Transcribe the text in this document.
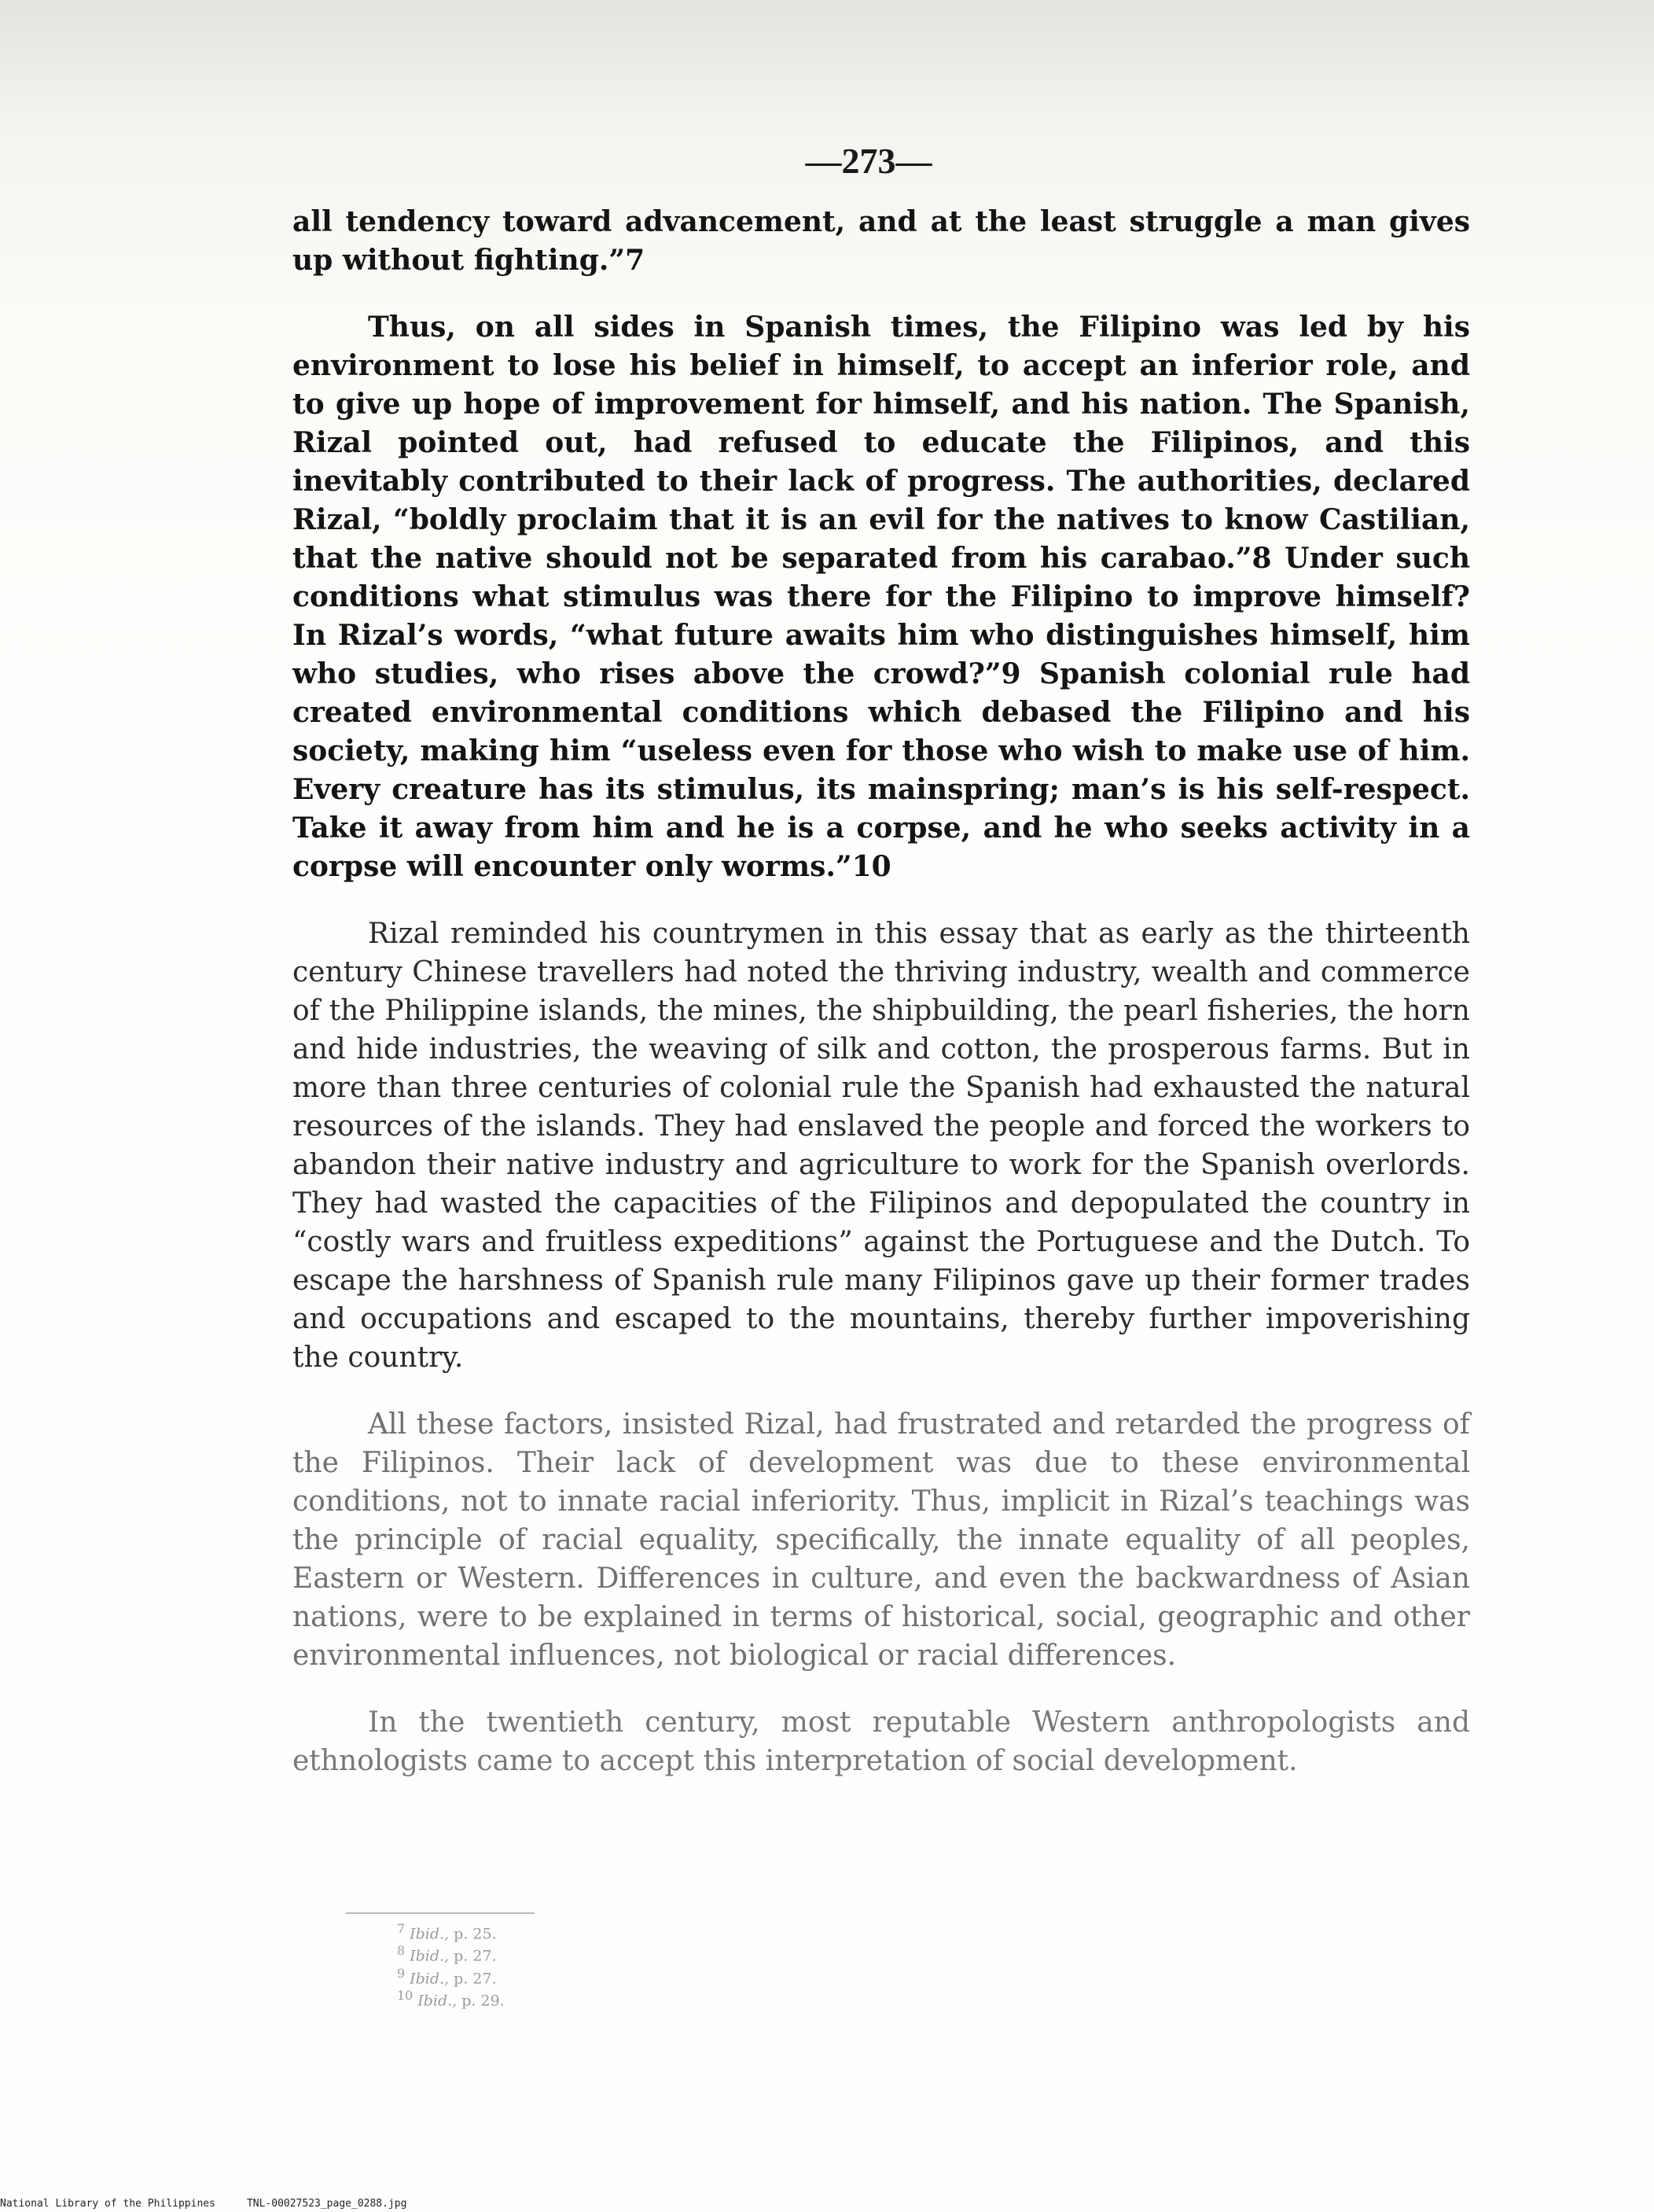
—273—

all tendency toward advancement, and at the least struggle a man gives up without fighting.”7

Thus, on all sides in Spanish times, the Filipino was led by his environment to lose his belief in himself, to accept an inferior role, and to give up hope of improvement for himself, and his nation. The Spanish, Rizal pointed out, had refused to educate the Filipinos, and this inevitably contributed to their lack of progress. The authorities, declared Rizal, “boldly proclaim that it is an evil for the natives to know Castilian, that the native should not be separated from his carabao.”8 Under such conditions what stimulus was there for the Filipino to improve himself? In Rizal’s words, “what future awaits him who distinguishes himself, him who studies, who rises above the crowd?”9 Spanish colonial rule had created environmental conditions which debased the Filipino and his society, making him “useless even for those who wish to make use of him. Every creature has its stimulus, its mainspring; man’s is his self-respect. Take it away from him and he is a corpse, and he who seeks activity in a corpse will encounter only worms.”10

Rizal reminded his countrymen in this essay that as early as the thirteenth century Chinese travellers had noted the thriving industry, wealth and commerce of the Philippine islands, the mines, the shipbuilding, the pearl fisheries, the horn and hide industries, the weaving of silk and cotton, the prosperous farms. But in more than three centuries of colonial rule the Spanish had exhausted the natural resources of the islands. They had enslaved the people and forced the workers to abandon their native industry and agriculture to work for the Spanish overlords. They had wasted the capacities of the Filipinos and depopulated the country in “costly wars and fruitless expeditions” against the Portuguese and the Dutch. To escape the harshness of Spanish rule many Filipinos gave up their former trades and occupations and escaped to the mountains, thereby further impoverishing the country.

All these factors, insisted Rizal, had frustrated and retarded the progress of the Filipinos. Their lack of development was due to these environmental conditions, not to innate racial inferiority. Thus, implicit in Rizal’s teachings was the principle of racial equality, specifically, the innate equality of all peoples, Eastern or Western. Differences in culture, and even the backwardness of Asian nations, were to be explained in terms of historical, social, geographic and other environmental influences, not biological or racial differences.

In the twentieth century, most reputable Western anthropologists and ethnologists came to accept this interpretation of social development.

$^7$ Ibid., p. 25.
$^8$ Ibid., p. 27.
$^9$ Ibid., p. 27.
$^{10}$ Ibid., p. 29.
National Library of the Philippines	TNL-00027523_page_0288.jpg
